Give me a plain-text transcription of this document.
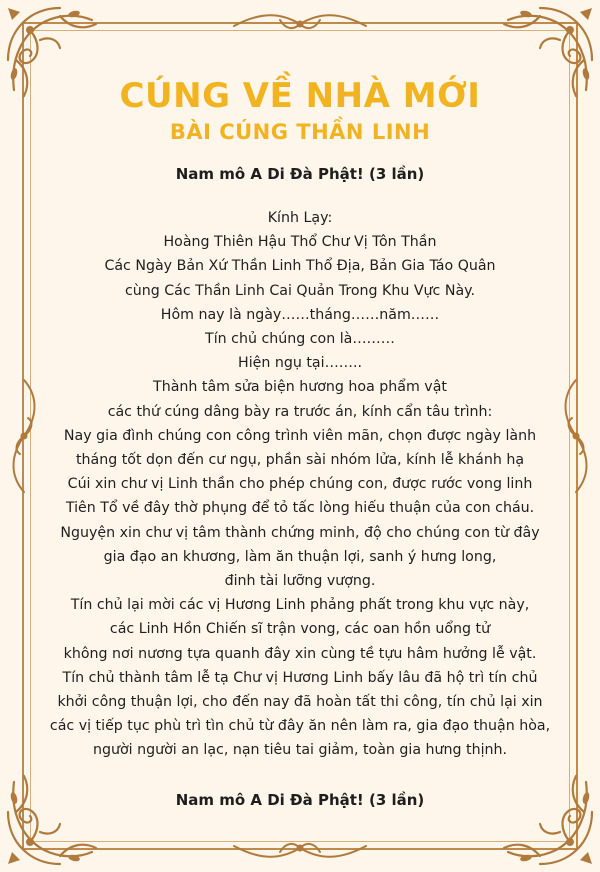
CÚNG VỀ NHÀ MỚI
BÀI CÚNG THẦN LINH
Nam mô A Di Đà Phật! (3 lần)
Kính Lạy:
Hoàng Thiên Hậu Thổ Chư Vị Tôn Thần
Các Ngày Bản Xứ Thần Linh Thổ Địa, Bản Gia Táo Quân
cùng Các Thần Linh Cai Quản Trong Khu Vực Này.
Hôm nay là ngày……tháng……năm……
Tín chủ chúng con là………
Hiện ngụ tại……..
Thành tâm sửa biện hương hoa phẩm vật
các thứ cúng dâng bày ra trước án, kính cẩn tâu trình:
Nay gia đình chúng con công trình viên mãn, chọn được ngày lành
tháng tốt dọn đến cư ngụ, phần sài nhóm lửa, kính lễ khánh hạ
Cúi xin chư vị Linh thần cho phép chúng con, được rước vong linh
Tiên Tổ về đây thờ phụng để tỏ tấc lòng hiếu thuận của con cháu.
Nguyện xin chư vị tâm thành chứng minh, độ cho chúng con từ đây
gia đạo an khương, làm ăn thuận lợi, sanh ý hưng long,
đinh tài lưỡng vượng.
Tín chủ lại mời các vị Hương Linh phảng phất trong khu vực này,
các Linh Hồn Chiến sĩ trận vong, các oan hồn uổng tử
không nơi nương tựa quanh đây xin cùng tề tựu hâm hưởng lễ vật.
Tín chủ thành tâm lễ tạ Chư vị Hương Linh bấy lâu đã hộ trì tín chủ
khởi công thuận lợi, cho đến nay đã hoàn tất thi công, tín chủ lại xin
các vị tiếp tục phù trì tìn chủ từ đây ăn nên làm ra, gia đạo thuận hòa,
người người an lạc, nạn tiêu tai giảm, toàn gia hưng thịnh.
Nam mô A Di Đà Phật! (3 lần)
